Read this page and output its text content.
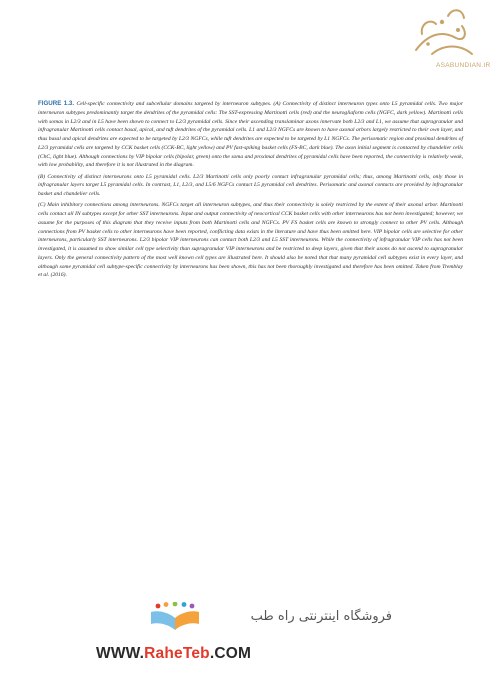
ASABUNDIAN.IR

FIGURE 1.3. Cell-specific connectivity and subcellular domains targeted by interneuron subtypes. (A) Connectivity of distinct interneuron types onto L5 pyramidal cells. Two major interneuron subtypes predominantly target the dendrites of the pyramidal cells: The SST-expressing Martinotti cells (red) and the neurogliaform cells (NGFC, dark yellow). Martinotti cells with somas in L2/3 and in L5 have been shown to connect to L2/3 pyramidal cells. Since their ascending translaminar axons innervate both L2/3 and L1, we assume that supragranular and infragranular Martinotti cells contact basal, apical, and tuft dendrites of the pyramidal cells. L1 and L2/3 NGFCs are known to have axonal arbors largely restricted to their own layer, and thus basal and apical dendrites are expected to be targeted by L2/3 NGFCs, while tuft dendrites are expected to be targeted by L1 NGFCs. The perisomatic region and proximal dendrites of L2/3 pyramidal cells are targeted by CCK basket cells (CCK-BC, light yellow) and PV fast-spiking basket cells (FS-BC, dark blue). The axon initial segment is contacted by chandelier cells (ChC, light blue). Although connections by VIP bipolar cells (bipolar, green) onto the soma and proximal dendrites of pyramidal cells have been reported, the connectivity is relatively weak, with low probability, and therefore it is not illustrated in the diagram.

(B) Connectivity of distinct interneurons onto L5 pyramidal cells. L2/3 Martinotti cells only poorly contact infragranular pyramidal cells; thus, among Martinotti cells, only those in infragranular layers target L5 pyramidal cells. In contrast, L1, L2/3, and L5/6 NGFCs contact L5 pyramidal cell dendrites. Perisomatic and axonal contacts are provided by infragranular basket and chandelier cells.

(C) Main inhibitory connections among interneurons. NGFCs target all interneuron subtypes, and thus their connectivity is solely restricted by the extent of their axonal arbor. Martinotti cells contact all IN subtypes except for other SST interneurons. Input and output connectivity of neocortical CCK basket cells with other interneurons has not been investigated; however, we assume for the purposes of this diagram that they receive inputs from both Martinotti cells and NGFCs. PV FS basket cells are known to strongly connect to other PV cells. Although connections from PV basket cells to other interneurons have been reported, conflicting data exists in the literature and have thus been omitted here. VIP bipolar cells are selective for other interneurons, particularly SST interneurons. L2/3 bipolar VIP interneurons can contact both L2/3 and L5 SST interneurons. While the connectivity of infragranular VIP cells has not been investigated, it is assumed to show similar cell type selectivity than supragranular VIP interneurons and be restricted to deep layers, given that their axons do not ascend to supragranular layers. Only the general connectivity pattern of the most well known cell types are illustrated here. It should also be noted that that many pyramidal cell subtypes exist in every layer, and although some pyramidal cell subtype-specific connectivity by interneurons has been shown, this has not been thoroughly investigated and therefore has been omitted. Taken from Tremblay et al. (2016).

فروشگاه اینترنتی راه طب
WWW.RaheTeb.COM
